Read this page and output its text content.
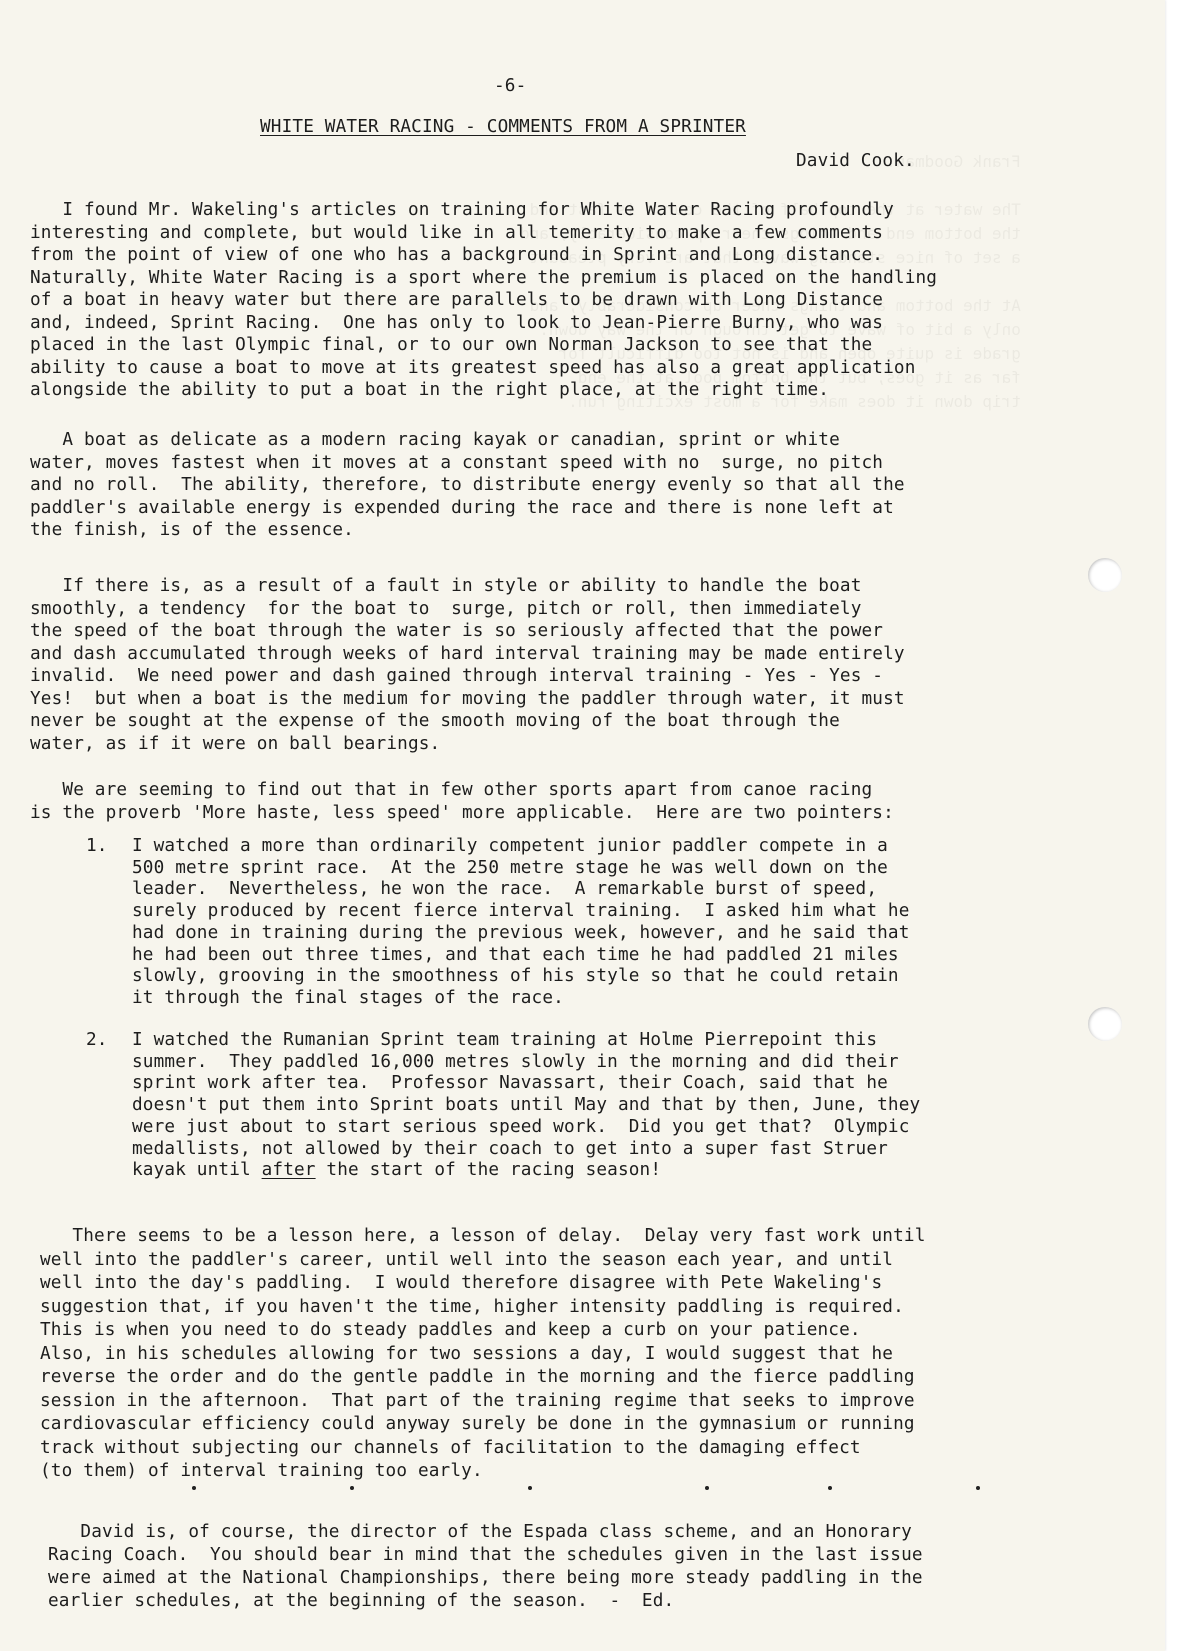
-6-
WHITE WATER RACING - COMMENTS FROM A SPRINTER
David Cook.
I found Mr. Wakeling's articles on training for White Water Racing profoundly
interesting and complete, but would like in all temerity to make a few comments
from the point of view of one who has a background in Sprint and Long distance.
Naturally, White Water Racing is a sport where the premium is placed on the handling
of a boat in heavy water but there are parallels to be drawn with Long Distance
and, indeed, Sprint Racing.  One has only to look to Jean-Pierre Burny, who was
placed in the last Olympic final, or to our own Norman Jackson to see that the
ability to cause a boat to move at its greatest speed has also a great application
alongside the ability to put a boat in the right place, at the right time.
A boat as delicate as a modern racing kayak or canadian, sprint or white
water, moves fastest when it moves at a constant speed with no  surge, no pitch
and no roll.  The ability, therefore, to distribute energy evenly so that all the
paddler's available energy is expended during the race and there is none left at
the finish, is of the essence.
If there is, as a result of a fault in style or ability to handle the boat
smoothly, a tendency  for the boat to  surge, pitch or roll, then immediately
the speed of the boat through the water is so seriously affected that the power
and dash accumulated through weeks of hard interval training may be made entirely
invalid.  We need power and dash gained through interval training - Yes - Yes -
Yes!  but when a boat is the medium for moving the paddler through water, it must
never be sought at the expense of the smooth moving of the boat through the
water, as if it were on ball bearings.
We are seeming to find out that in few other sports apart from canoe racing
is the proverb 'More haste, less speed' more applicable.  Here are two pointers:
1. I watched a more than ordinarily competent junior paddler compete in a
500 metre sprint race.  At the 250 metre stage he was well down on the
leader.  Nevertheless, he won the race.  A remarkable burst of speed,
surely produced by recent fierce interval training.  I asked him what he
had done in training during the previous week, however, and he said that
he had been out three times, and that each time he had paddled 21 miles
slowly, grooving in the smoothness of his style so that he could retain
it through the final stages of the race.
2. I watched the Rumanian Sprint team training at Holme Pierrepoint this
summer.  They paddled 16,000 metres slowly in the morning and did their
sprint work after tea.  Professor Navassart, their Coach, said that he
doesn't put them into Sprint boats until May and that by then, June, they
were just about to start serious speed work.  Did you get that?  Olympic
medallists, not allowed by their coach to get into a super fast Struer
kayak until after the start of the racing season!
There seems to be a lesson here, a lesson of delay.  Delay very fast work until
well into the paddler's career, until well into the season each year, and until
well into the day's paddling.  I would therefore disagree with Pete Wakeling's
suggestion that, if you haven't the time, higher intensity paddling is required.
This is when you need to do steady paddles and keep a curb on your patience.
Also, in his schedules allowing for two sessions a day, I would suggest that he
reverse the order and do the gentle paddle in the morning and the fierce paddling
session in the afternoon.  That part of the training regime that seeks to improve
cardiovascular efficiency could anyway surely be done in the gymnasium or running
track without subjecting our channels of facilitation to the damaging effect
(to them) of interval training too early.
David is, of course, the director of the Espada class scheme, and an Honorary
Racing Coach.  You should bear in mind that the schedules given in the last issue
were aimed at the National Championships, there being more steady paddling in the
earlier schedules, at the beginning of the season.  -  Ed.
